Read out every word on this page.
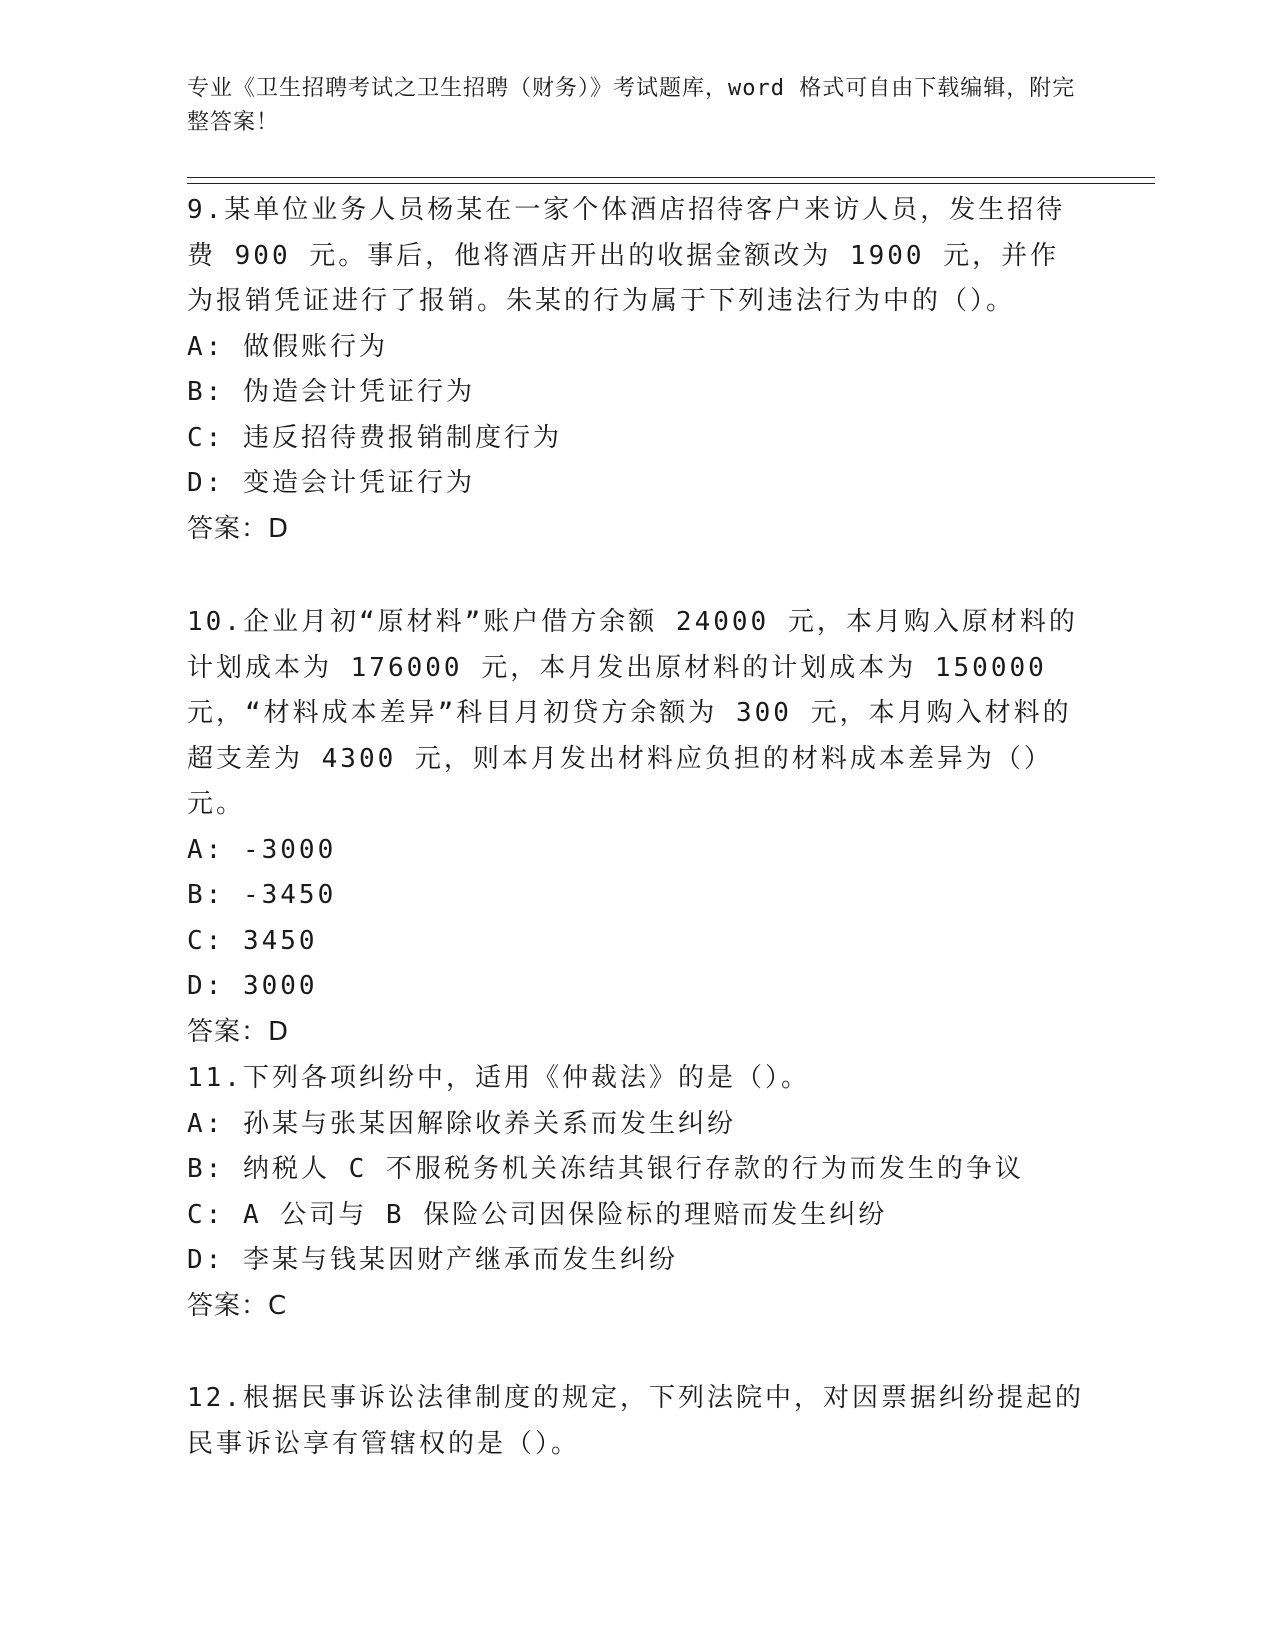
专业《卫生招聘考试之卫生招聘（财务）》考试题库，word 格式可自由下载编辑，附完整答案！

9.某单位业务人员杨某在一家个体酒店招待客户来访人员，发生招待费 900 元。事后，他将酒店开出的收据金额改为 1900 元，并作为报销凭证进行了报销。朱某的行为属于下列违法行为中的（）。

A: 做假账行为

B: 伪造会计凭证行为

C: 违反招待费报销制度行为

D: 变造会计凭证行为

答案：D

10.企业月初“原材料”账户借方余额 24000 元，本月购入原材料的计划成本为 176000 元，本月发出原材料的计划成本为 150000 元，“材料成本差异”科目月初贷方余额为 300 元，本月购入材料的超支差为 4300 元，则本月发出材料应负担的材料成本差异为（）元。

A: -3000

B: -3450

C: 3450

D: 3000

答案：D

11.下列各项纠纷中，适用《仲裁法》的是（）。

A: 孙某与张某因解除收养关系而发生纠纷

B: 纳税人 C 不服税务机关冻结其银行存款的行为而发生的争议

C: A 公司与 B 保险公司因保险标的理赔而发生纠纷

D: 李某与钱某因财产继承而发生纠纷

答案：C

12.根据民事诉讼法律制度的规定，下列法院中，对因票据纠纷提起的民事诉讼享有管辖权的是（）。
